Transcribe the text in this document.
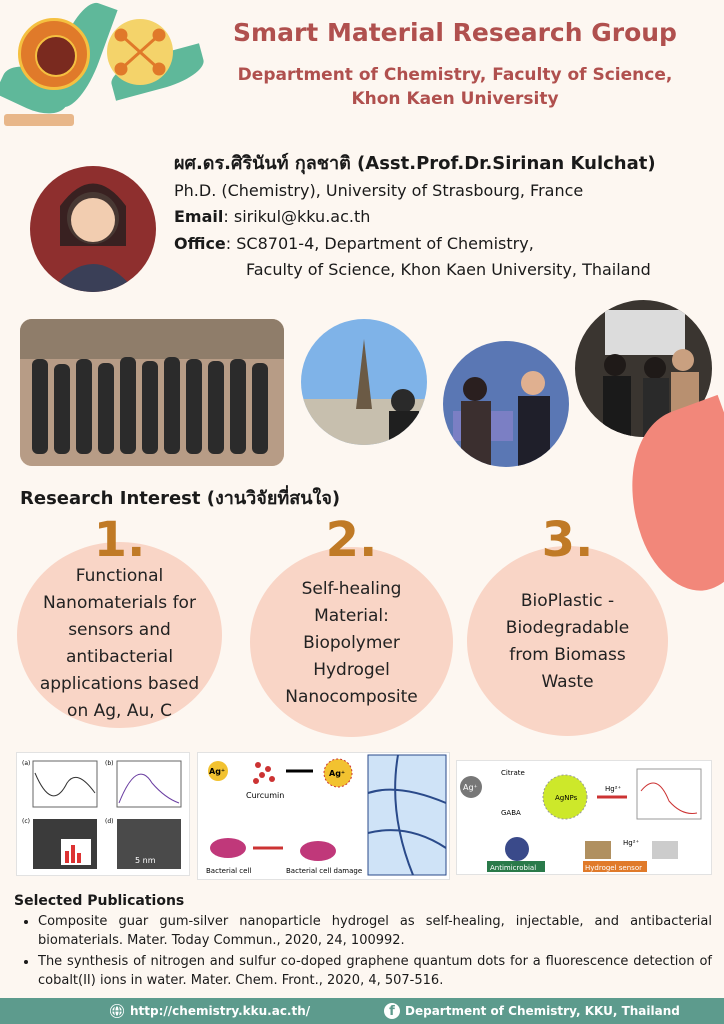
Smart Material Research Group
Department of Chemistry, Faculty of Science,
Khon Kaen University
ผศ.ดร.ศิรินันท์ กุลชาติ (Asst.Prof.Dr.Sirinan Kulchat)
Ph.D. (Chemistry), University of Strasbourg, France
Email: sirikul@kku.ac.th
Office: SC8701-4, Department of Chemistry,
Faculty of Science, Khon Kaen University, Thailand
Research Interest (งานวิจัยที่สนใจ)
1.
Functional
Nanomaterials for
sensors and
antibacterial
applications based
on Ag, Au, C
2.
Self-healing
Material:
Biopolymer
Hydrogel
Nanocomposite
3.
BioPlastic -
Biodegradable
from Biomass
Waste
(a)	(b)
(c)	(d)
5 nm
Ag⁺
Curcumin
Ag⁺
Bacterial cell	Bacterial cell damage
Ag⁺
Citrate
GABA
AgNPs
Hg²⁺
Antimicrobial
Hg²⁺
Hydrogel sensor
Selected Publications
• Composite guar gum-silver nanoparticle hydrogel as self-healing, injectable, and antibacterial biomaterials. Mater. Today Commun., 2020, 24, 100992.
• The synthesis of nitrogen and sulfur co-doped graphene quantum dots for a fluorescence detection of cobalt(II) ions in water. Mater. Chem. Front., 2020, 4, 507-516.
http://chemistry.kku.ac.th/	f Department of Chemistry, KKU, Thailand
